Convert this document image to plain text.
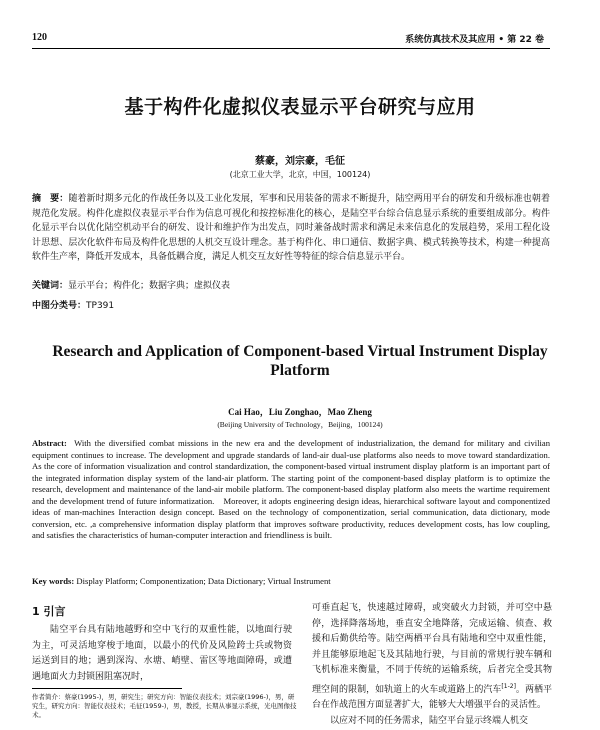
120	系统仿真技术及其应用 • 第 22 卷
基于构件化虚拟仪表显示平台研究与应用
蔡豪，刘宗豪，毛征
(北京工业大学，北京，中国，100124)
摘　要：随着新时期多元化的作战任务以及工业化发展，军事和民用装备的需求不断提升，陆空两用平台的研发和升级标准也朝着规范化发展。构件化虚拟仪表显示平台作为信息可视化和按控标准化的核心，是陆空平台综合信息显示系统的重要组成部分。构件化显示平台以优化陆空机动平台的研发、设计和维护作为出发点，同时兼备战时需求和满足未来信息化的发展趋势，采用工程化设计思想、层次化软件布局及构件化思想的人机交互设计理念。基于构件化、串口通信、数据字典、模式转换等技术，构建一种提高软件生产率，降低开发成本，具备低耦合度，满足人机交互友好性等特征的综合信息显示平台。
关键词：显示平台；构件化；数据字典；虚拟仪表
中图分类号：TP391
Research and Application of Component-based Virtual Instrument Display Platform
Cai Hao，Liu Zonghao，Mao Zheng
(Beijing University of Technology，Beijing，100124)
Abstract: With the diversified combat missions in the new era and the development of industrialization, the demand for military and civilian equipment continues to increase. The development and upgrade standards of land-air dual-use platforms also needs to move toward standardization. As the core of information visualization and control standardization, the component-based virtual instrument display platform is an important part of the integrated information display system of the land-air platform. The starting point of the component-based display platform is to optimize the research, development and maintenance of the land-air mobile platform. The component-based display platform also meets the wartime requirement and the development trend of future informatization.　Moreover, it adopts engineering design ideas, hierarchical software layout and componentized ideas of man-machines Interaction design concept. Based on the technology of componentization, serial communication, data dictionary, mode conversion, etc. ,a comprehensive information display platform that improves software productivity, reduces development costs, has low coupling, and satisfies the characteristics of human-computer interaction and friendliness is built.
Key words: Display Platform; Componentization; Data Dictionary; Virtual Instrument
1 引言

陆空平台具有陆地越野和空中飞行的双重性能，以地面行驶为主，可灵活地穿梭于地面，以最小的代价及风险跨士兵或物资运送到目的地；遇到深沟、水塘、峭壁、雷区等地面障碍，或遭遇地面火力封锁困阻塞况时，

可垂直起飞，快速越过障碍，或突破火力封锁，并可空中悬停，选择降落场地，垂直安全地降落，完成运输、侦查、救援和后勤供给等。陆空两栖平台具有陆地和空中双重性能，并且能够原地起飞及其陆地行驶，与目前的常规行驶车辆和飞机标准来衡量，不同于传统的运输系统，后者完全受其物理空间的限制，如轨道上的火车或道路上的汽车[1-2]。两栖平台在作战范围方面显著扩大，能够大大增强平台的灵活性。

以应对不同的任务需求，陆空平台显示终端人机交

作者简介：蔡豪(1995-)，男，研究生；研究方向：智能仪表技术；刘宗豪(1996-)，男，研究生，研究方向：智能仪表技术；毛征(1959-)，男，教授，长期从事显示系统，光电图像技术。
